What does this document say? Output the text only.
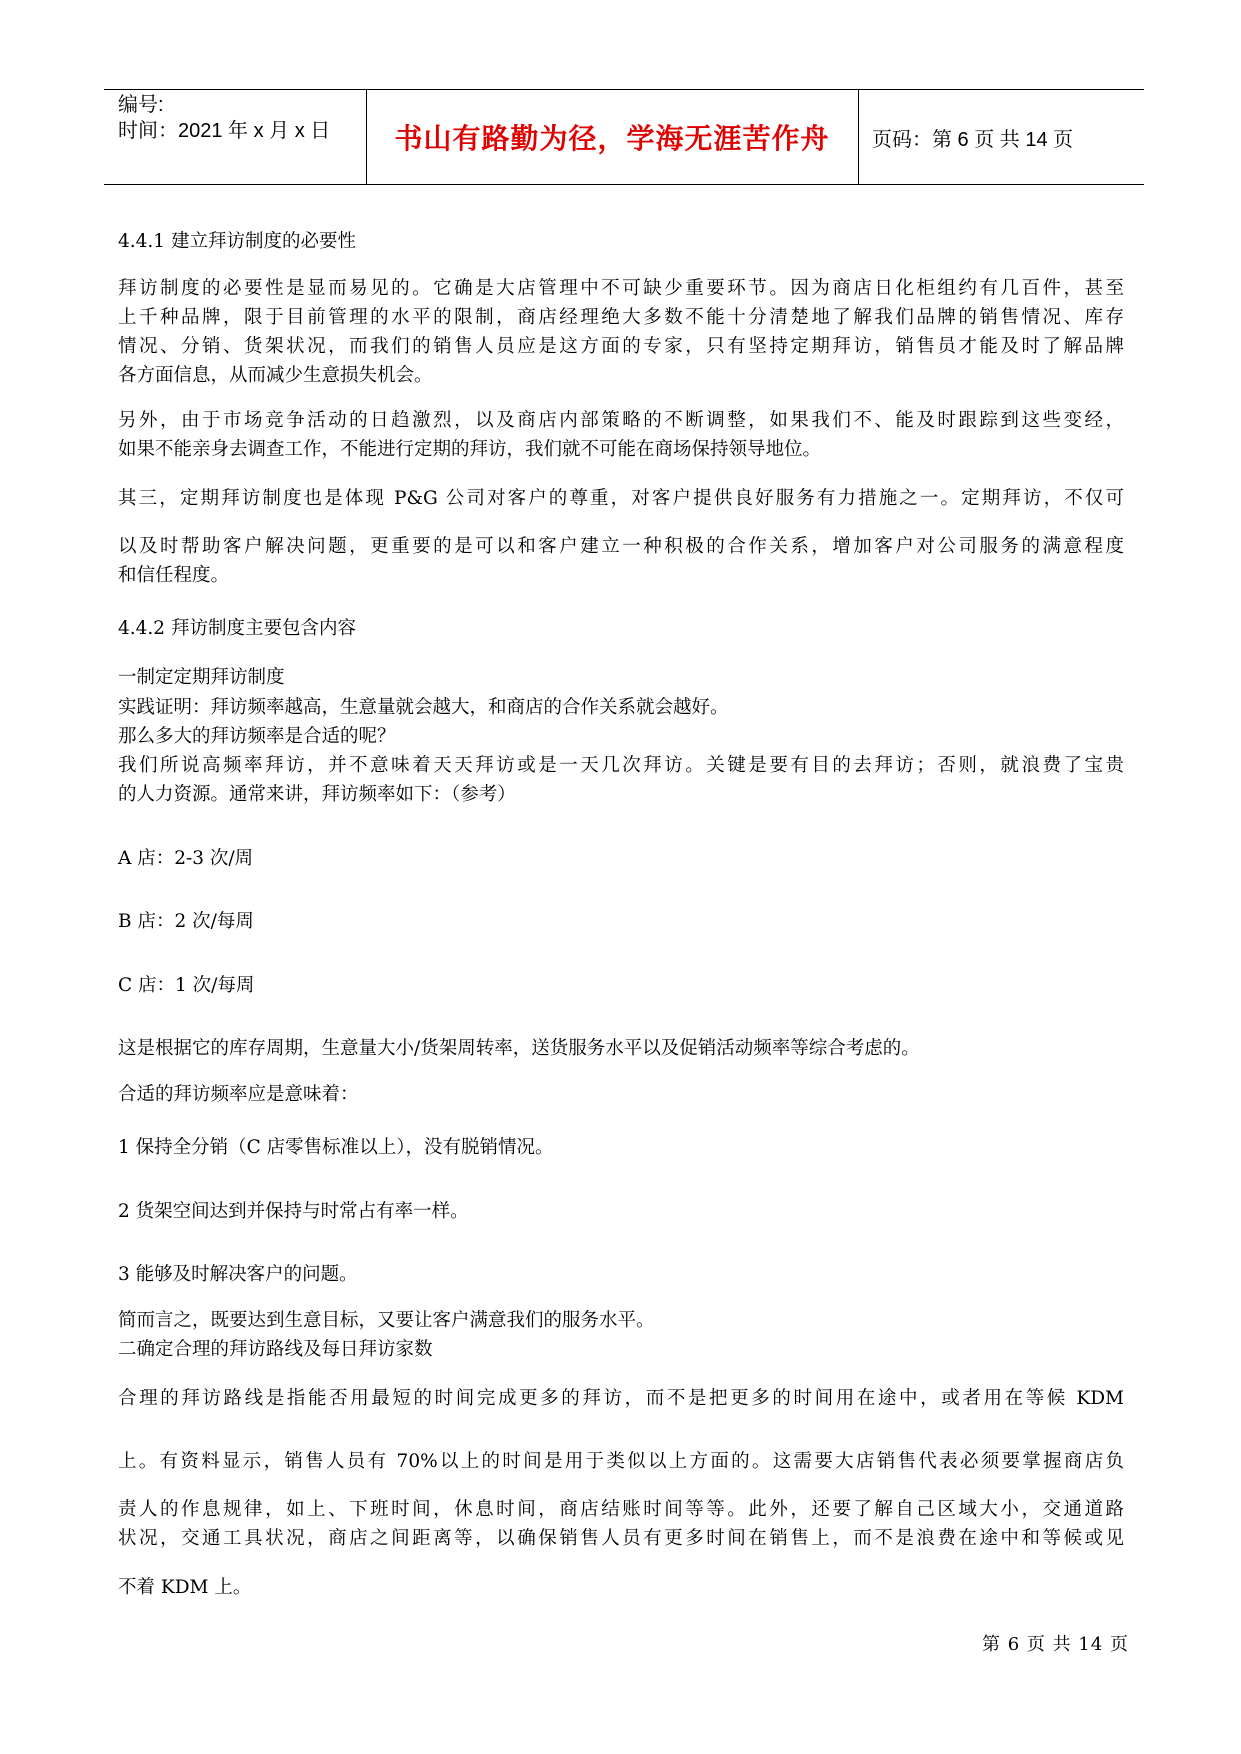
编号:
时间：2021 年 x 月 x 日	书山有路勤为径，学海无涯苦作舟	页码：第 6 页 共 14 页
4.4.1 建立拜访制度的必要性
拜访制度的必要性是显而易见的。它确是大店管理中不可缺少重要环节。因为商店日化柜组约有几百件，甚至
上千种品牌，限于目前管理的水平的限制，商店经理绝大多数不能十分清楚地了解我们品牌的销售情况、库存
情况、分销、货架状况，而我们的销售人员应是这方面的专家，只有坚持定期拜访，销售员才能及时了解品牌
各方面信息，从而减少生意损失机会。
另外，由于市场竞争活动的日趋激烈，以及商店内部策略的不断调整，如果我们不、能及时跟踪到这些变经，
如果不能亲身去调查工作，不能进行定期的拜访，我们就不可能在商场保持领导地位。
其三，定期拜访制度也是体现 P&G 公司对客户的尊重，对客户提供良好服务有力措施之一。定期拜访，不仅可
以及时帮助客户解决问题，更重要的是可以和客户建立一种积极的合作关系，增加客户对公司服务的满意程度
和信任程度。
4.4.2 拜访制度主要包含内容
一制定定期拜访制度
实践证明：拜访频率越高，生意量就会越大，和商店的合作关系就会越好。
那么多大的拜访频率是合适的呢？
我们所说高频率拜访，并不意味着天天拜访或是一天几次拜访。关键是要有目的去拜访；否则，就浪费了宝贵
的人力资源。通常来讲，拜访频率如下：（参考）
A 店：2-3 次/周
B 店：2 次/每周
C 店：1 次/每周
这是根据它的库存周期，生意量大小/货架周转率，送货服务水平以及促销活动频率等综合考虑的。
合适的拜访频率应是意味着：
1 保持全分销（C 店零售标准以上），没有脱销情况。
2 货架空间达到并保持与时常占有率一样。
3 能够及时解决客户的问题。
简而言之，既要达到生意目标，又要让客户满意我们的服务水平。
二确定合理的拜访路线及每日拜访家数
合理的拜访路线是指能否用最短的时间完成更多的拜访，而不是把更多的时间用在途中，或者用在等候 KDM
上。有资料显示，销售人员有 70%以上的时间是用于类似以上方面的。这需要大店销售代表必须要掌握商店负
责人的作息规律，如上、下班时间，休息时间，商店结账时间等等。此外，还要了解自己区域大小，交通道路
状况，交通工具状况，商店之间距离等，以确保销售人员有更多时间在销售上，而不是浪费在途中和等候或见
不着 KDM 上。
第 6 页 共 14 页
